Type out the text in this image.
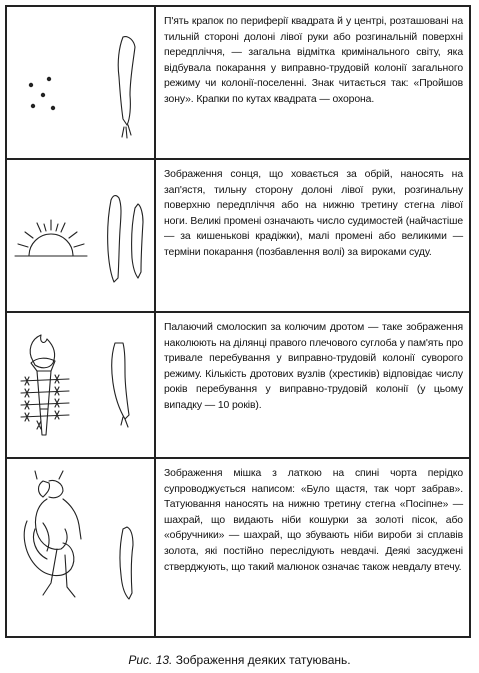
П'ять крапок по периферії квадрата й у центрі, розташовані на тильній стороні долоні лівої руки або розгинальній поверхні передпліччя, — загальна відмітка кримінального світу, яка відбувала покарання у виправно-трудовій колонії загального режиму чи колонії-поселенні. Знак читається так: «Пройшов зону». Крапки по кутах квадрата — охорона.
Зображення сонця, що ховається за обрій, наносять на зап'ястя, тильну сторону долоні лівої руки, розгинальну поверхню передпліччя або на нижню третину стегна лівої ноги. Великі промені означають число судимостей (найчастіше — за кишенькові крадіжки), малі промені або великими — терміни покарання (позбавлення волі) за вироками суду.
Палаючий смолоскип за колючим дротом — таке зображення наколюють на ділянці правого плечового суглоба у пам'ять про тривале перебування у виправно-трудовій колонії суворого режиму. Кількість дротових вузлів (хрестиків) відповідає числу років перебування у виправно-трудовій колонії (у цьому випадку — 10 років).
Зображення мішка з латкою на спині чорта перідко супроводжується написом: «Було щастя, так чорт забрав». Татуювання наносять на нижню третину стегна «Посіпне» — шахрай, що видають ніби кошурки за золоті пісок, або «обручники» — шахрай, що збувають ніби вироби зі сплавів золота, які постійно переслідують невдачі. Деякі засуджені стверджують, що такий малюнок означає також невдалу втечу.
Рис. 13. Зображення деяких татуювань.
